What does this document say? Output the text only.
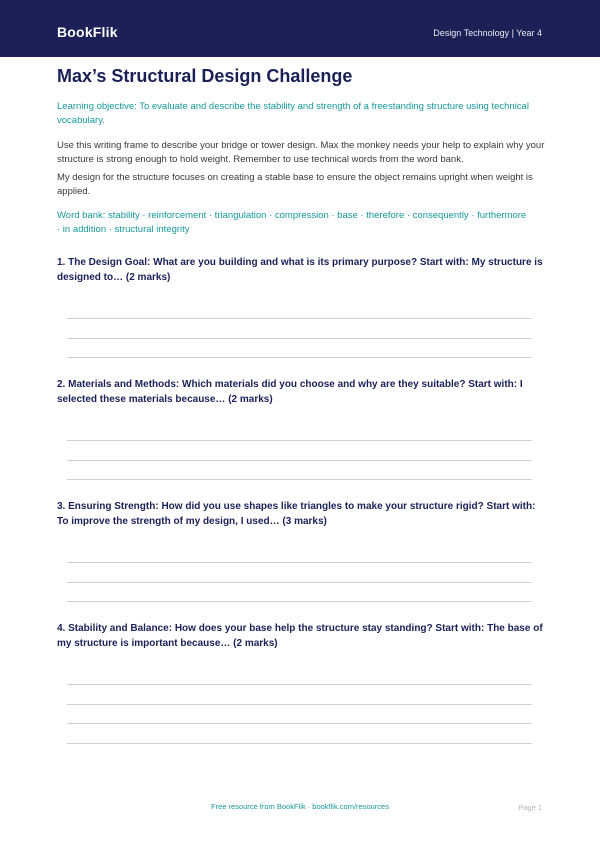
BookFlik	Design Technology | Year 4
Max’s Structural Design Challenge
Learning objective: To evaluate and describe the stability and strength of a freestanding structure using technical vocabulary.
Use this writing frame to describe your bridge or tower design. Max the monkey needs your help to explain why your structure is strong enough to hold weight. Remember to use technical words from the word bank.
My design for the structure focuses on creating a stable base to ensure the object remains upright when weight is applied.
Word bank: stability · reinforcement · triangulation · compression · base · therefore · consequently · furthermore · in addition · structural integrity
1. The Design Goal: What are you building and what is its primary purpose? Start with: My structure is designed to… (2 marks)
2. Materials and Methods: Which materials did you choose and why are they suitable? Start with: I selected these materials because… (2 marks)
3. Ensuring Strength: How did you use shapes like triangles to make your structure rigid? Start with: To improve the strength of my design, I used… (3 marks)
4. Stability and Balance: How does your base help the structure stay standing? Start with: The base of my structure is important because… (2 marks)
Free resource from BookFlik · bookflik.com/resources	Page 1
